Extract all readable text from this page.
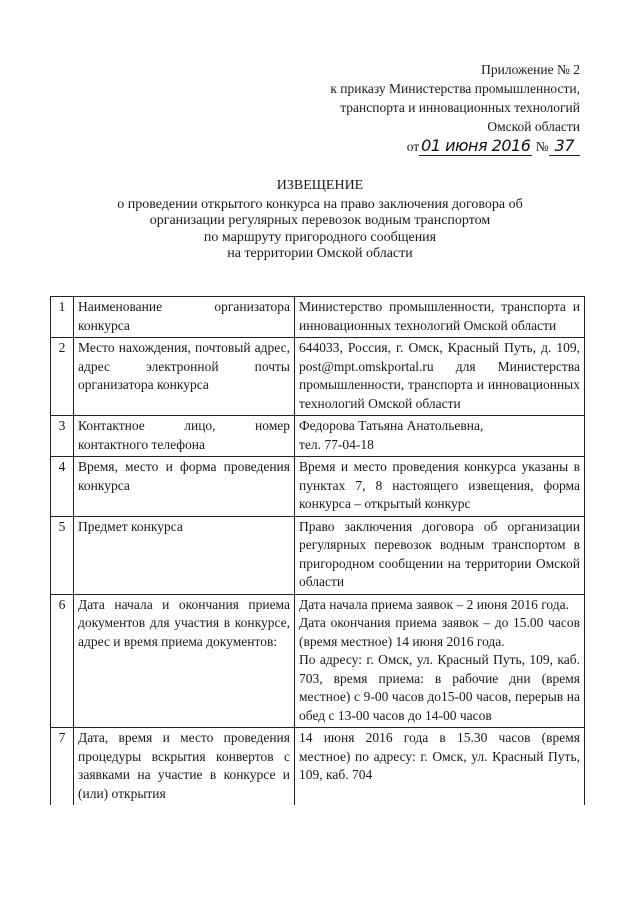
Приложение № 2
к приказу Министерства промышленности,
транспорта и инновационных технологий
Омской области
от 01 июня 2016 № 37
ИЗВЕЩЕНИЕ
о проведении открытого конкурса на право заключения договора об
организации регулярных перевозок водным транспортом
по маршруту пригородного сообщения
на территории Омской области
1	Наименование организатора конкурса	Министерство промышленности, транспорта и инновационных технологий Омской области

2	Место нахождения, почтовый адрес, адрес электронной почты организатора конкурса	644033, Россия, г. Омск, Красный Путь, д. 109, post@mpt.omskportal.ru для Министерства промышленности, транспорта и инновационных технологий Омской области

3	Контактное лицо, номер контактного телефона	Федорова Татьяна Анатольевна,

тел. 77-04-18

4	Время, место и форма проведения конкурса	Время и место проведения конкурса указаны в пунктах 7, 8 настоящего извещения, форма конкурса – открытый конкурс

5	Предмет конкурса	Право заключения договора об организации регулярных перевозок водным транспортом в пригородном сообщении на территории Омской области

6	Дата начала и окончания приема документов для участия в конкурсе, адрес и время приема документов:	Дата начала приема заявок – 2 июня 2016 года.

Дата окончания приема заявок – до 15.00 часов (время местное) 14 июня 2016 года.

По адресу: г. Омск, ул. Красный Путь, 109, каб. 703, время приема: в рабочие дни (время местное) с 9-00 часов до15-00 часов, перерыв на обед с 13-00 часов до 14-00 часов

7	Дата, время и место проведения процедуры вскрытия конвертов с заявками на участие в конкурсе и (или) открытия	14 июня 2016 года в 15.30 часов (время местное) по адресу: г. Омск, ул. Красный Путь, 109, каб. 704
